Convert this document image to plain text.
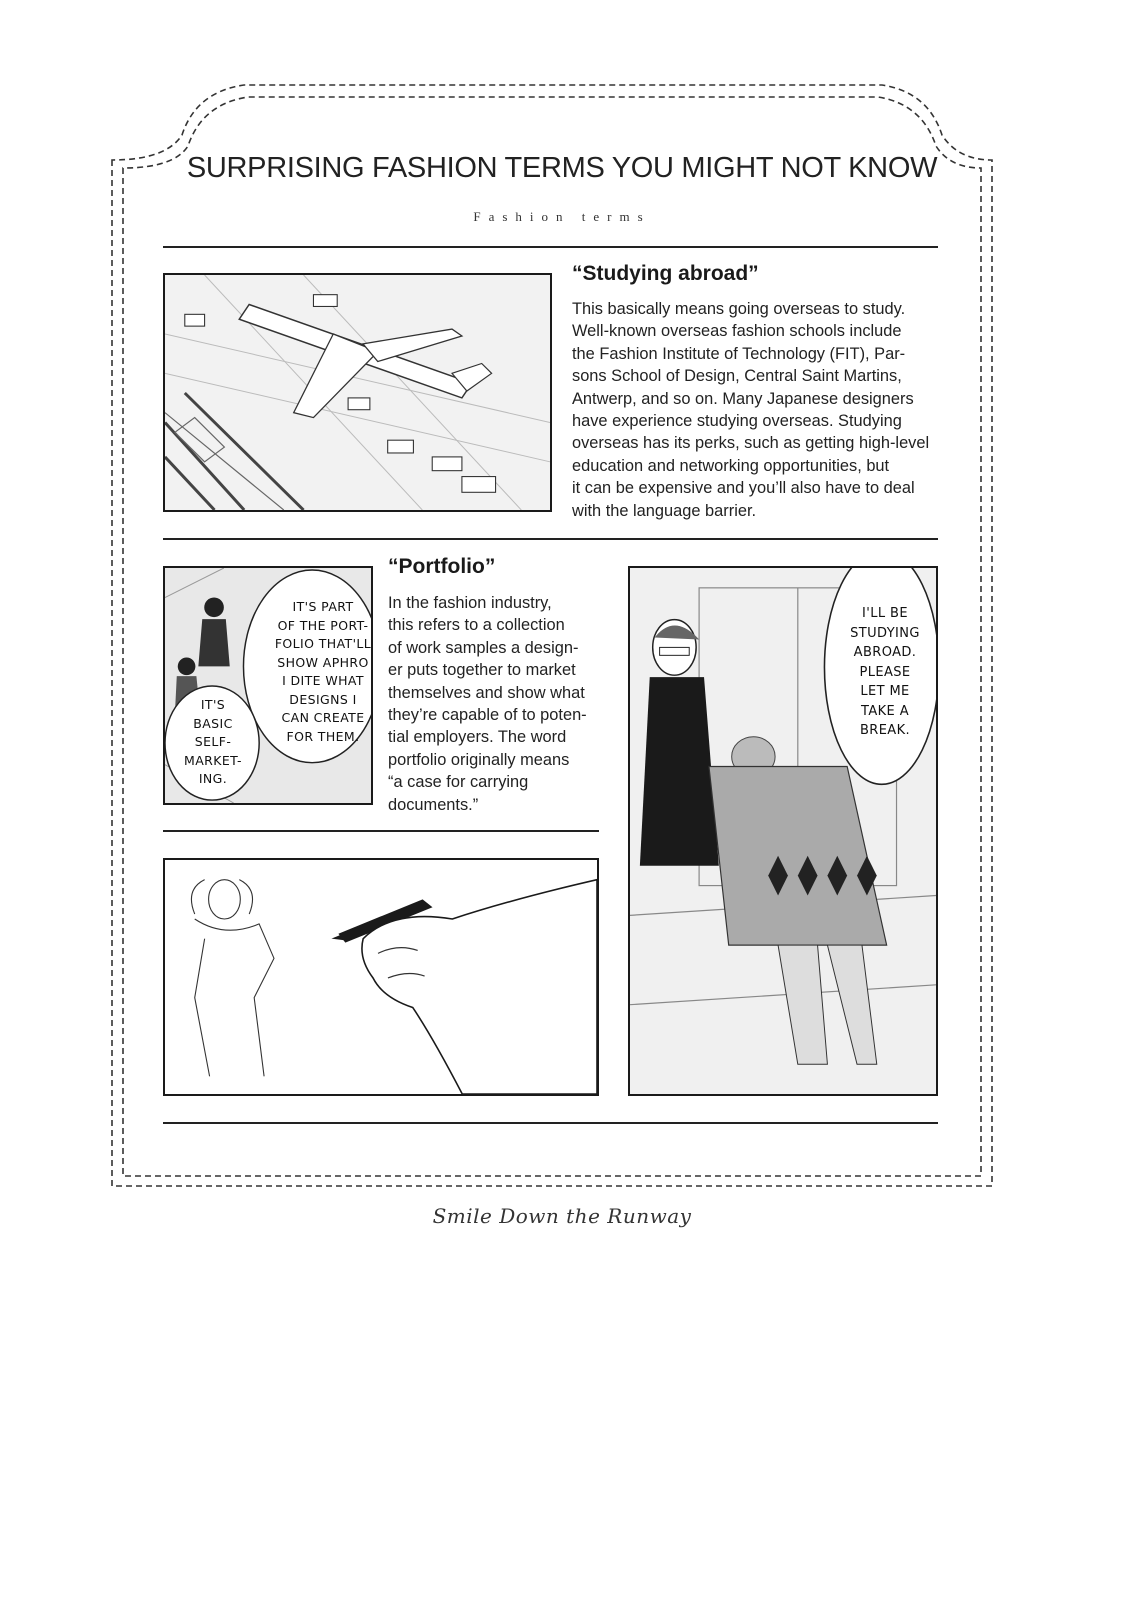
SURPRISING FASHION TERMS YOU MIGHT NOT KNOW
Fashion terms
“Studying abroad”
This basically means going overseas to study.
Well-known overseas fashion schools include
the Fashion Institute of Technology (FIT), Par-
sons School of Design, Central Saint Martins,
Antwerp, and so on. Many Japanese designers
have experience studying overseas. Studying
overseas has its perks, such as getting high-level
education and networking opportunities, but
it can be expensive and you’ll also have to deal
with the language barrier.
IT'S PART
OF THE PORT-
FOLIO THAT'LL
SHOW APHRO
I DITE WHAT
DESIGNS I
CAN CREATE
FOR THEM.
IT'S
BASIC
SELF-
MARKET-
ING.
“Portfolio”
In the fashion industry,
this refers to a collection
of work samples a design-
er puts together to market
themselves and show what
they’re capable of to poten-
tial employers. The word
portfolio originally means
“a case for carrying
documents.”
I'LL BE
STUDYING
ABROAD.
PLEASE
LET ME
TAKE A
BREAK.
Smile Down the Runway
